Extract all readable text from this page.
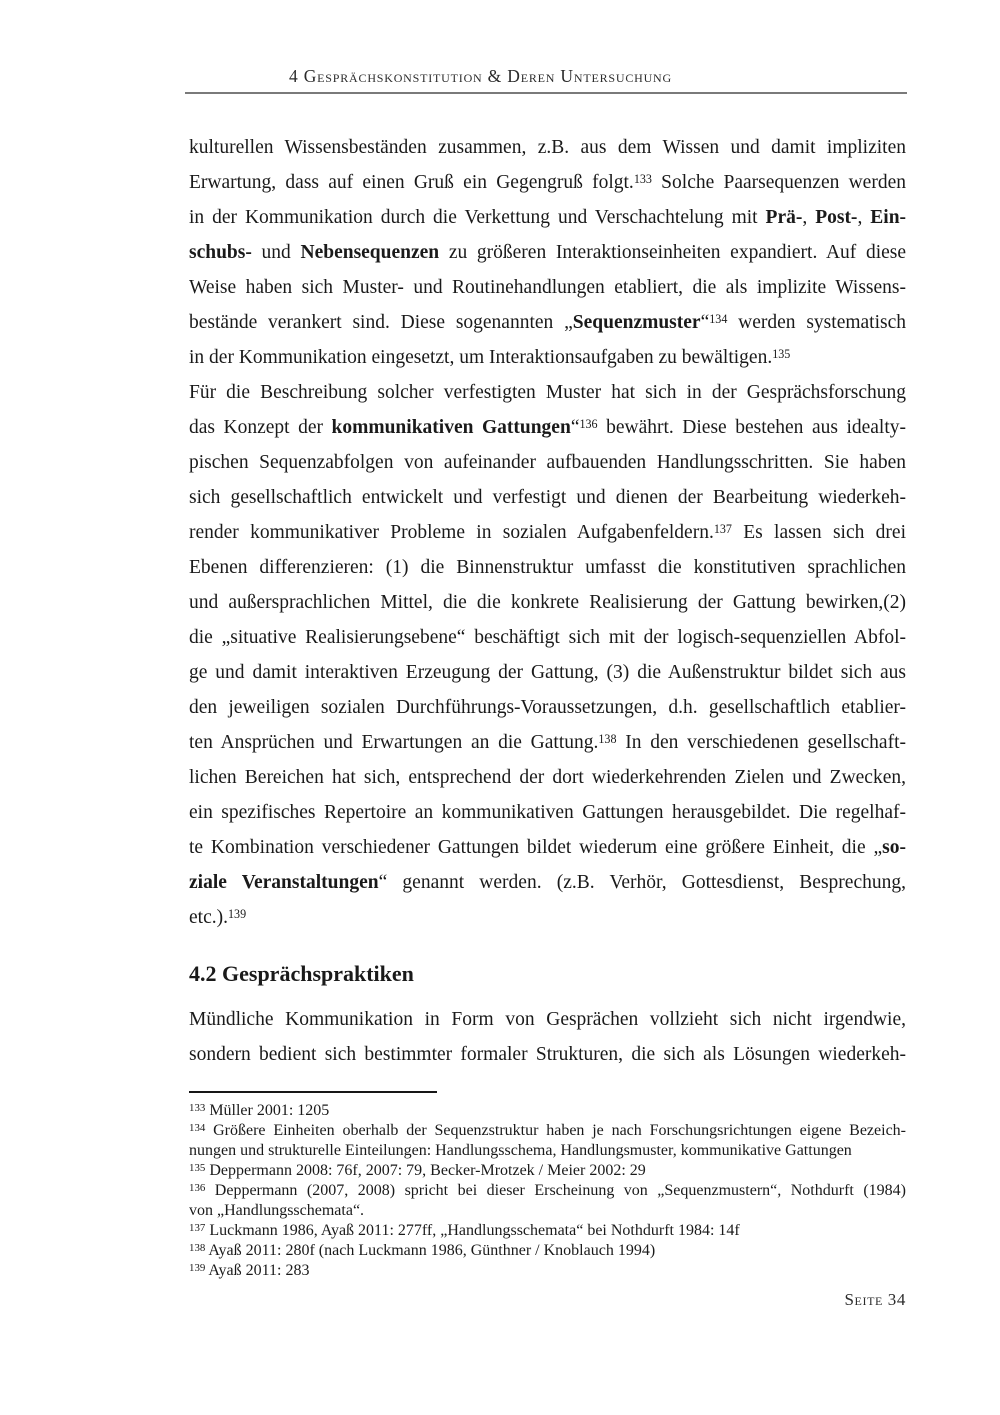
4 Gesprächskonstitution & Deren Untersuchung
kulturellen Wissensbeständen zusammen, z.B. aus dem Wissen und damit impliziten
Erwartung, dass auf einen Gruß ein Gegengruß folgt.$^{133}$ Solche Paarsequenzen werden
in der Kommunikation durch die Verkettung und Verschachtelung mit Prä-, Post-, Ein-
schubs- und Nebensequenzen zu größeren Interaktionseinheiten expandiert. Auf diese
Weise haben sich Muster- und Routinehandlungen etabliert, die als implizite Wissens-
bestände verankert sind. Diese sogenannten „Sequenzmuster“$^{134}$ werden systematisch
in der Kommunikation eingesetzt, um Interaktionsaufgaben zu bewältigen.$^{135}$
Für die Beschreibung solcher verfestigten Muster hat sich in der Gesprächsforschung
das Konzept der kommunikativen Gattungen“$^{136}$ bewährt. Diese bestehen aus idealty-
pischen Sequenzabfolgen von aufeinander aufbauenden Handlungsschritten. Sie haben
sich gesellschaftlich entwickelt und verfestigt und dienen der Bearbeitung wiederkeh-
render kommunikativer Probleme in sozialen Aufgabenfeldern.$^{137}$ Es lassen sich drei
Ebenen differenzieren: (1) die Binnenstruktur umfasst die konstitutiven sprachlichen
und außersprachlichen Mittel, die die konkrete Realisierung der Gattung bewirken,(2)
die „situative Realisierungsebene“ beschäftigt sich mit der logisch-sequenziellen Abfol-
ge und damit interaktiven Erzeugung der Gattung, (3) die Außenstruktur bildet sich aus
den jeweiligen sozialen Durchführungs-Voraussetzungen, d.h. gesellschaftlich etablier-
ten Ansprüchen und Erwartungen an die Gattung.$^{138}$ In den verschiedenen gesellschaft-
lichen Bereichen hat sich, entsprechend der dort wiederkehrenden Zielen und Zwecken,
ein spezifisches Repertoire an kommunikativen Gattungen herausgebildet. Die regelhaf-
te Kombination verschiedener Gattungen bildet wiederum eine größere Einheit, die „so-
ziale Veranstaltungen“ genannt werden. (z.B. Verhör, Gottesdienst, Besprechung,
etc.).$^{139}$
4.2 Gesprächspraktiken
Mündliche Kommunikation in Form von Gesprächen vollzieht sich nicht irgendwie,
sondern bedient sich bestimmter formaler Strukturen, die sich als Lösungen wiederkeh-
$^{133}$ Müller 2001: 1205
$^{134}$ Größere Einheiten oberhalb der Sequenzstruktur haben je nach Forschungsrichtungen eigene Bezeich-
nungen und strukturelle Einteilungen: Handlungsschema, Handlungsmuster, kommunikative Gattungen
$^{135}$ Deppermann 2008: 76f, 2007: 79, Becker-Mrotzek / Meier 2002: 29
$^{136}$ Deppermann (2007, 2008) spricht bei dieser Erscheinung von „Sequenzmustern“, Nothdurft (1984)
von „Handlungsschemata“.
$^{137}$ Luckmann 1986, Ayaß 2011: 277ff, „Handlungsschemata“ bei Nothdurft 1984: 14f
$^{138}$ Ayaß 2011: 280f (nach Luckmann 1986, Günthner / Knoblauch 1994)
$^{139}$ Ayaß 2011: 283
Seite 34
